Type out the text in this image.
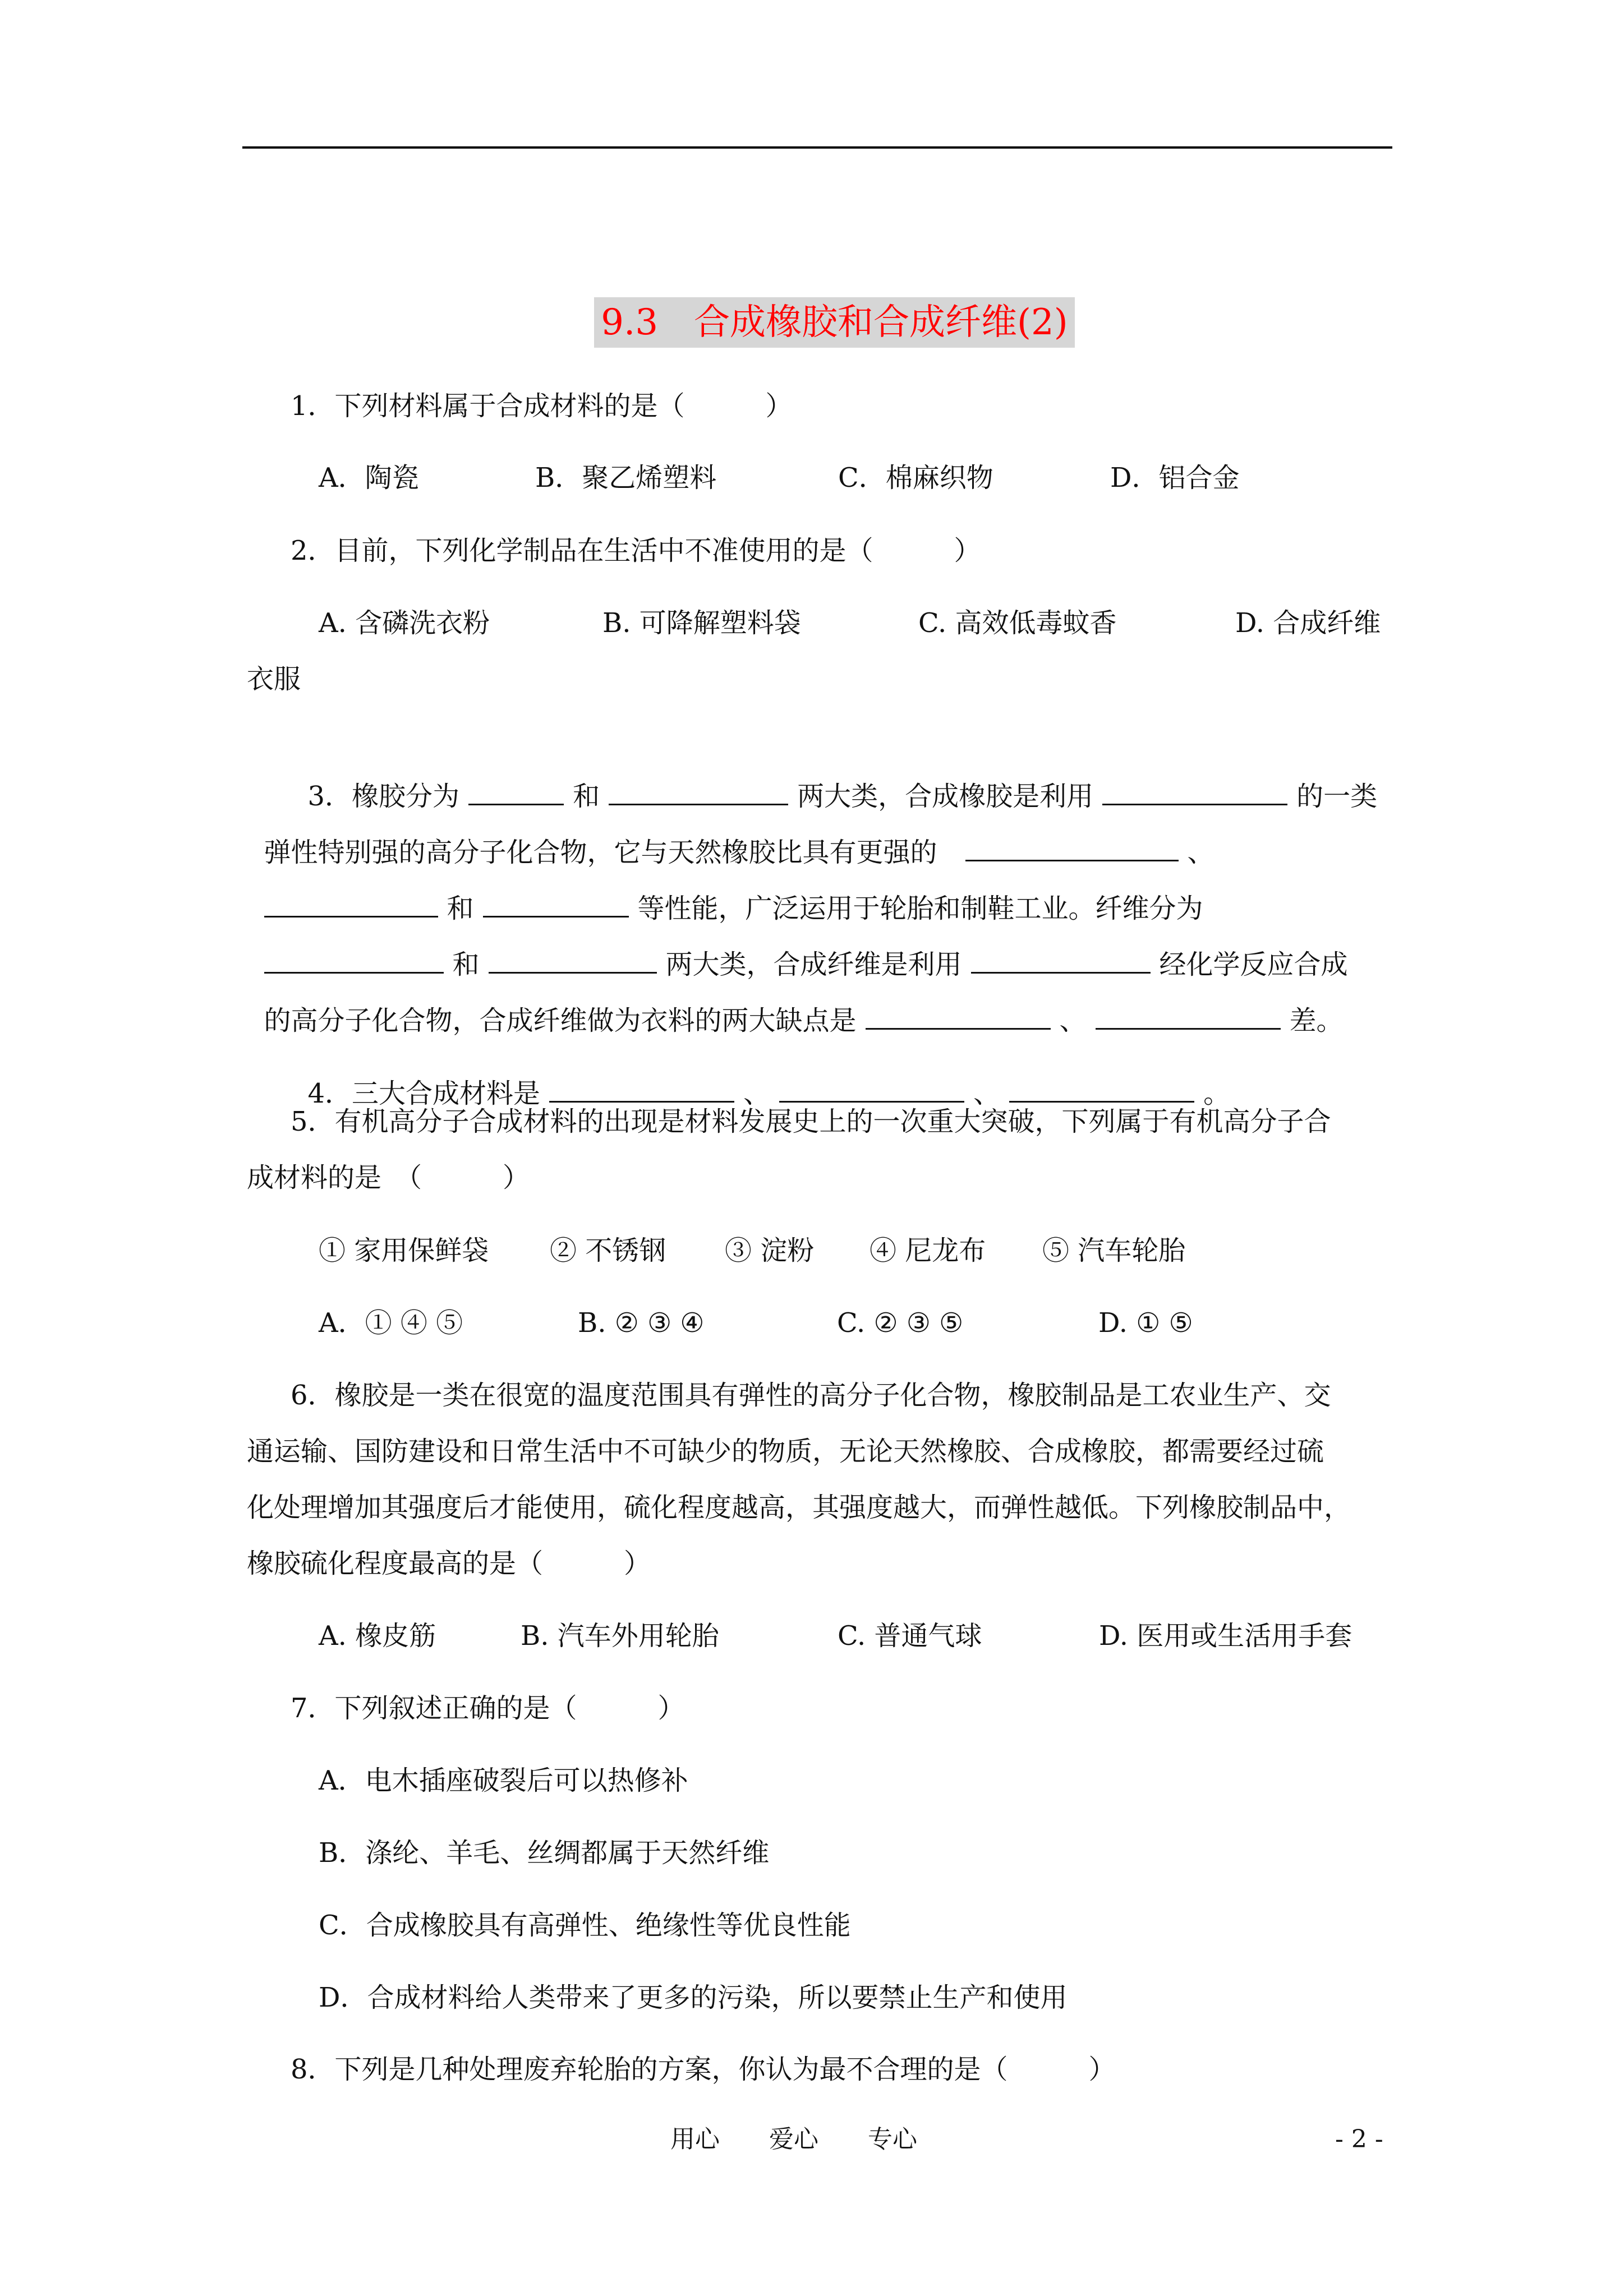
9.3　合成橡胶和合成纤维(2)
1．下列材料属于合成材料的是（　　　）
A．陶瓷	B．聚乙烯塑料	C．棉麻织物	D．铝合金
2．目前，下列化学制品在生活中不准使用的是（　　　）
A. 含磷洗衣粉	B. 可降解塑料袋	C. 高效低毒蚊香	D. 合成纤维
衣服

3．橡胶分为	和	两大类，合成橡胶是利用	的一类

弹性特别强的高分子化合物，它与天然橡胶比具有更强的	、

和	等性能，广泛运用于轮胎和制鞋工业。纤维分为

和	两大类，合成纤维是利用	经化学反应合成

的高分子化合物，合成纤维做为衣料的两大缺点是	、	差。

4．三大合成材料是	、	、	。

5．有机高分子合成材料的出现是材料发展史上的一次重大突破，下列属于有机高分子合
成材料的是　（　　　）
① 家用保鲜袋	② 不锈钢	③ 淀粉	④ 尼龙布	⑤ 汽车轮胎
A．① ④ ⑤	B. ② ③ ④	C. ② ③ ⑤	D. ① ⑤
6．橡胶是一类在很宽的温度范围具有弹性的高分子化合物，橡胶制品是工农业生产、交
通运输、国防建设和日常生活中不可缺少的物质，无论天然橡胶、合成橡胶，都需要经过硫
化处理增加其强度后才能使用，硫化程度越高，其强度越大，而弹性越低。下列橡胶制品中，
橡胶硫化程度最高的是（　　　）
A. 橡皮筋	B. 汽车外用轮胎	C. 普通气球	D. 医用或生活用手套
7．下列叙述正确的是（　　　）
A．电木插座破裂后可以热修补
B．涤纶、羊毛、丝绸都属于天然纤维
C．合成橡胶具有高弹性、绝缘性等优良性能
D．合成材料给人类带来了更多的污染，所以要禁止生产和使用
8．下列是几种处理废弃轮胎的方案，你认为最不合理的是（　　　）
用心　　爱心　　专心	- 2 -
